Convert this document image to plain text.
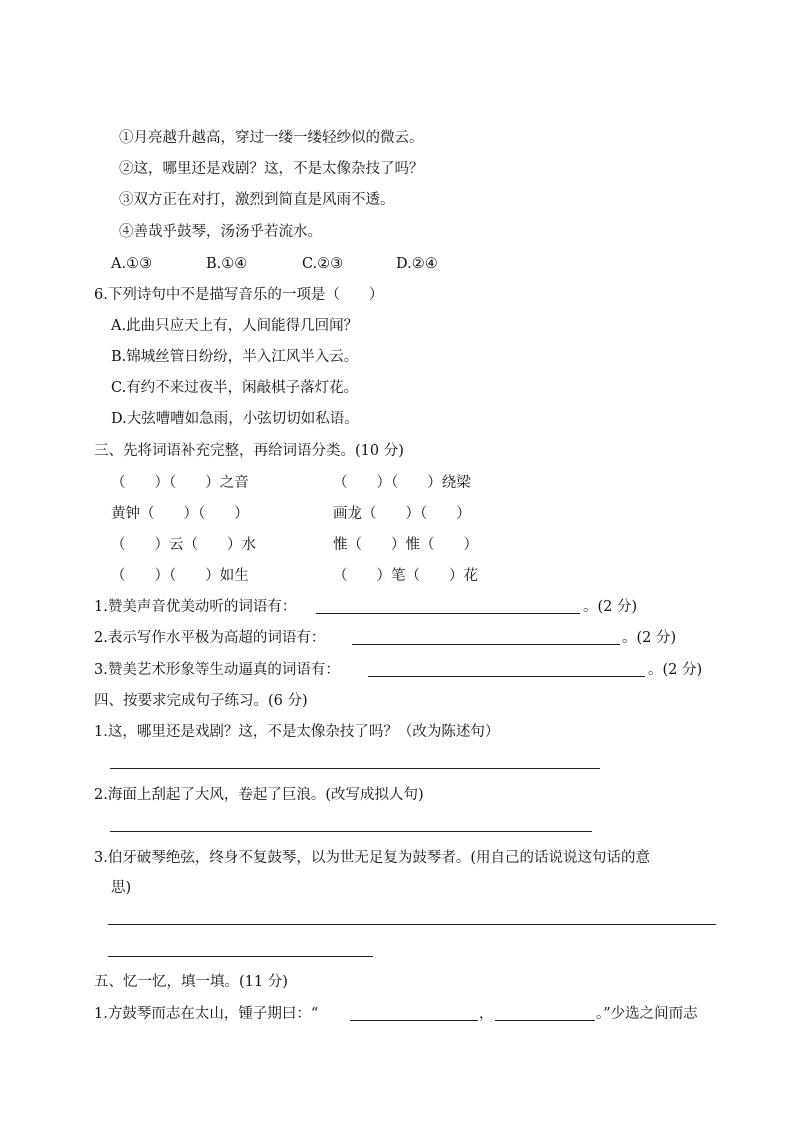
①月亮越升越高，穿过一缕一缕轻纱似的微云。
②这，哪里还是戏剧？这，不是太像杂技了吗？
③双方正在对打，激烈到简直是风雨不透。
④善哉乎鼓琴，汤汤乎若流水。
A.①③	B.①④	C.②③	D.②④
6.下列诗句中不是描写音乐的一项是（　　）
A.此曲只应天上有，人间能得几回闻？
B.锦城丝管日纷纷，半入江风半入云。
C.有约不来过夜半，闲敲棋子落灯花。
D.大弦嘈嘈如急雨，小弦切切如私语。
三、先将词语补充完整，再给词语分类。(10 分)
（　　）（　　）之音	（　　）（　　）绕梁
黄钟（　　）（　　）	画龙（　　）（　　）
（　　）云（　　）水	惟（　　）惟（　　）
（　　）（　　）如生	（　　）笔（　　）花
1.赞美声音优美动听的词语有：	。(2 分)
2.表示写作水平极为高超的词语有：	。(2 分)
3.赞美艺术形象等生动逼真的词语有：	。(2 分)
四、按要求完成句子练习。(6 分)
1.这，哪里还是戏剧？这，不是太像杂技了吗？（改为陈述句）
2.海面上刮起了大风，卷起了巨浪。(改写成拟人句)
3.伯牙破琴绝弦，终身不复鼓琴，以为世无足复为鼓琴者。(用自己的话说说这句话的意
思)
五、忆一忆，填一填。(11 分)
1.方鼓琴而志在太山，锺子期曰：“	，	。”少选之间而志
